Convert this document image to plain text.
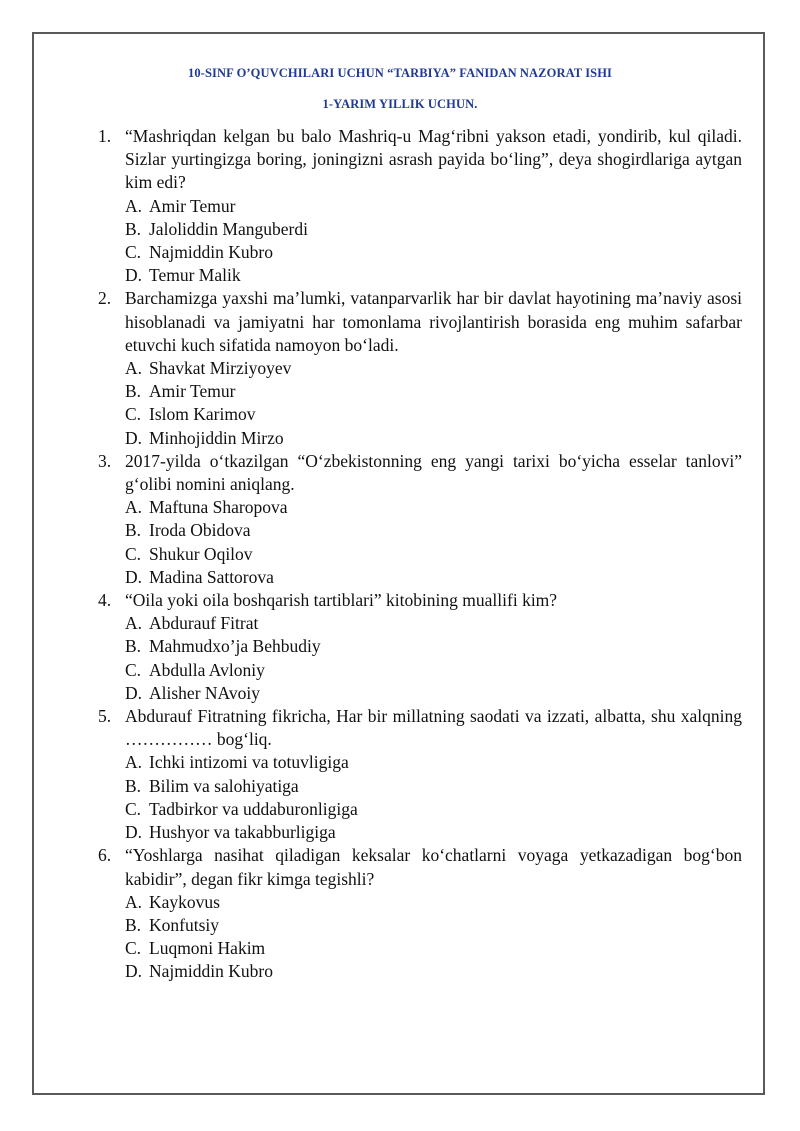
10-SINF O’QUVCHILARI UCHUN “TARBIYA” FANIDAN NAZORAT ISHI
1-YARIM YILLIK UCHUN.
1. “Mashriqdan kelgan bu balo Mashriq-u Mag‘ribni yakson etadi, yondirib, kul qiladi. Sizlar yurtingizga boring, joningizni asrash payida bo‘ling”, deya shogirdlariga aytgan kim edi?
A. Amir Temur
B. Jaloliddin Manguberdi
C. Najmiddin Kubro
D. Temur Malik
2. Barchamizga yaxshi ma’lumki, vatanparvarlik har bir davlat hayotining ma’naviy asosi hisoblanadi va jamiyatni har tomonlama rivojlantirish borasida eng muhim safarbar etuvchi kuch sifatida namoyon bo‘ladi.
A. Shavkat Mirziyoyev
B. Amir Temur
C. Islom Karimov
D. Minhojiddin Mirzo
3. 2017-yilda o‘tkazilgan “O‘zbekistonning eng yangi tarixi bo‘yicha esselar tanlovi” g‘olibi nomini aniqlang.
A. Maftuna Sharopova
B. Iroda Obidova
C. Shukur Oqilov
D. Madina Sattorova
4. “Oila yoki oila boshqarish tartiblari” kitobining muallifi kim?
A. Abdurauf Fitrat
B. Mahmudxo’ja Behbudiy
C. Abdulla Avloniy
D. Alisher NAvoiy
5. Abdurauf Fitratning fikricha, Har bir millatning saodati va izzati, albatta, shu xalqning …………… bog‘liq.
A. Ichki intizomi va totuvligiga
B. Bilim va salohiyatiga
C. Tadbirkor va uddaburonligiga
D. Hushyor va takabburligiga
6. “Yoshlarga nasihat qiladigan keksalar ko‘chatlarni voyaga yetkazadigan bog‘bon kabidir”, degan fikr kimga tegishli?
A. Kaykovus
B. Konfutsiy
C. Luqmoni Hakim
D. Najmiddin Kubro
